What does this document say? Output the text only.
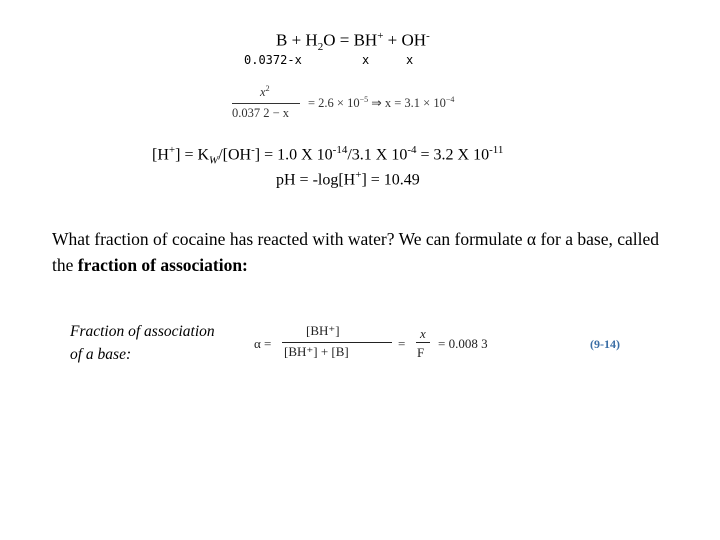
$B + H_2O = BH^+ + OH^-$
0.0372-x	x	x
$x^2$
0.037 2 − x
= $2.6 \times 10^{-5}$ ⇒ $x = 3.1 \times 10^{-4}$
$[H^+] = K_W/[OH^-] = 1.0$ X $10^{-14}/3.1$ X $10^{-4} = 3.2$ X $10^{-11}$
pH = -log[H+] = 10.49
What fraction of cocaine has reacted with water? We can formulate α for a base, called the fraction of association:
Fraction of association
of a base:
α =
[BH⁺]
[BH⁺] + [B]
=
x
F
= 0.008 3	(9-14)
